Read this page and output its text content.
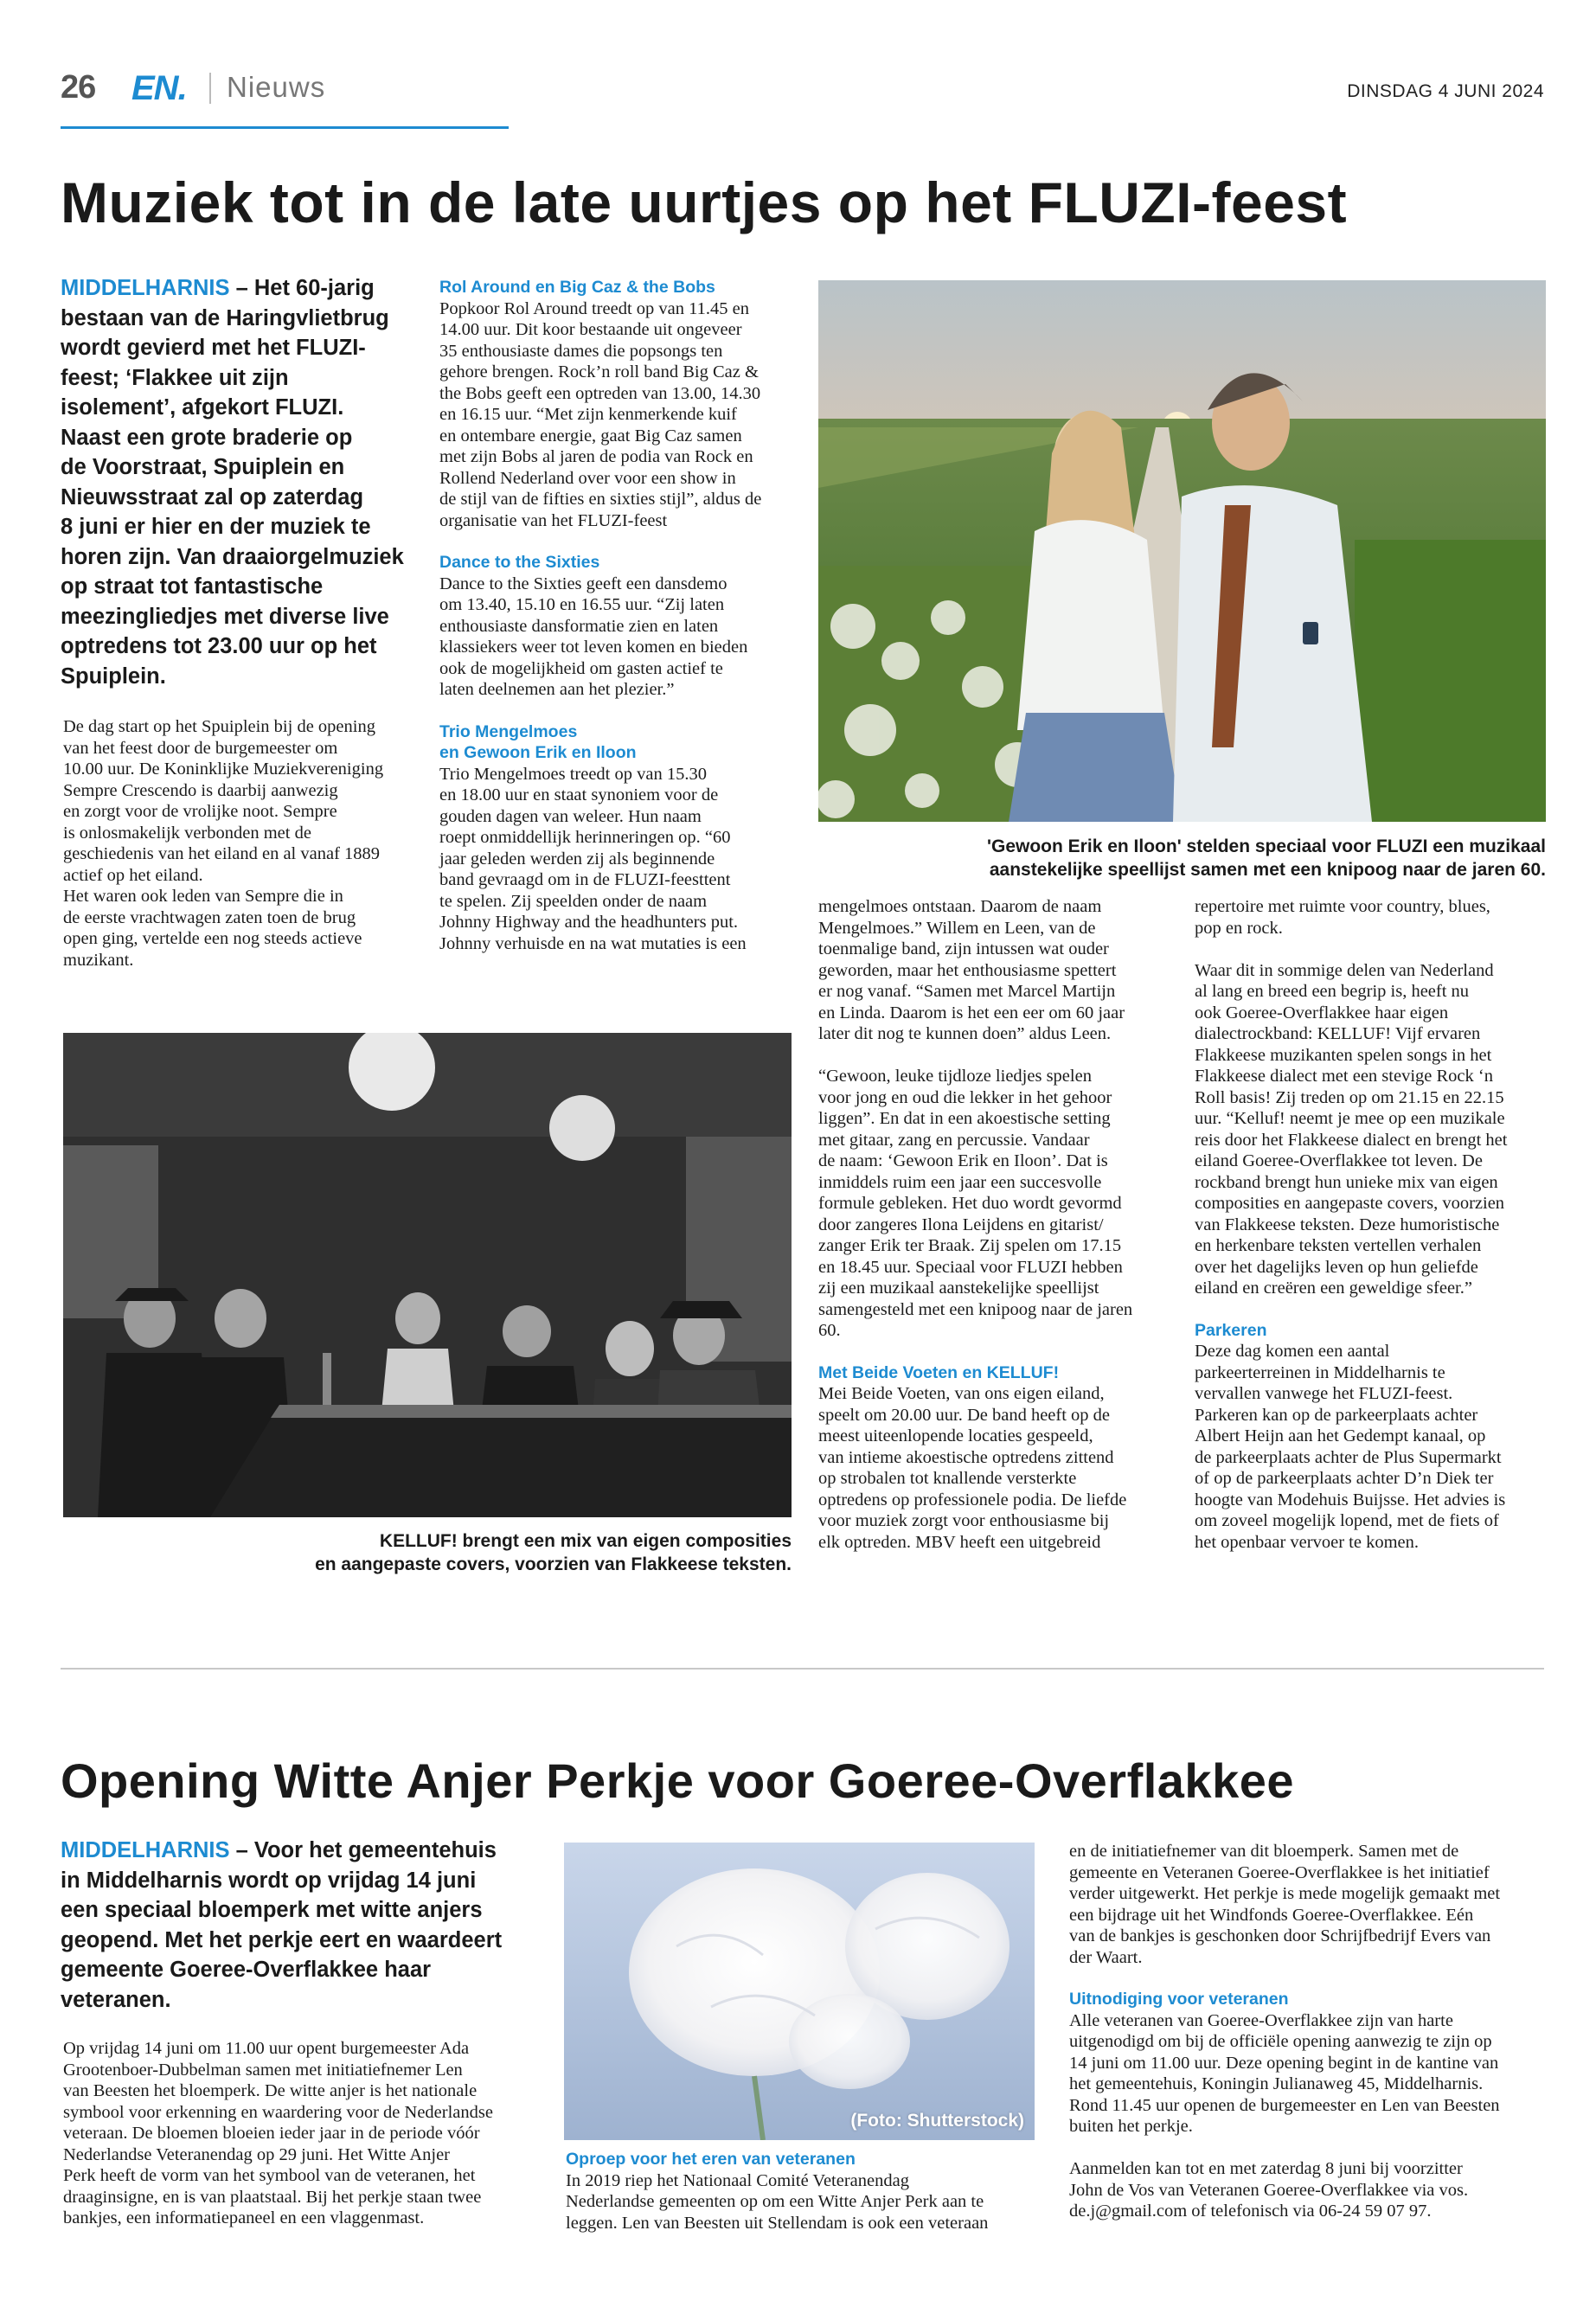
26 EN. Nieuws	DINSDAG 4 JUNI 2024
Muziek tot in de late uurtjes op het FLUZI-feest
MIDDELHARNIS – Het 60-jarig
bestaan van de Haringvlietbrug
wordt gevierd met het FLUZI-
feest; ‘Flakkee uit zijn
isolement’, afgekort FLUZI.
Naast een grote braderie op
de Voorstraat, Spuiplein en
Nieuwsstraat zal op zaterdag
8 juni er hier en der muziek te
horen zijn. Van draaiorgelmuziek
op straat tot fantastische
meezingliedjes met diverse live
optredens tot 23.00 uur op het
Spuiplein.
De dag start op het Spuiplein bij de opening
van het feest door de burgemeester om
10.00 uur. De Koninklijke Muziekvereniging
Sempre Crescendo is daarbij aanwezig
en zorgt voor de vrolijke noot. Sempre
is onlosmakelijk verbonden met de
geschiedenis van het eiland en al vanaf 1889
actief op het eiland.
Het waren ook leden van Sempre die in
de eerste vrachtwagen zaten toen de brug
open ging, vertelde een nog steeds actieve
muzikant.
Rol Around en Big Caz & the Bobs
Popkoor Rol Around treedt op van 11.45 en
14.00 uur. Dit koor bestaande uit ongeveer
35 enthousiaste dames die popsongs ten
gehore brengen. Rock’n roll band Big Caz &
the Bobs geeft een optreden van 13.00, 14.30
en 16.15 uur. “Met zijn kenmerkende kuif
en ontembare energie, gaat Big Caz samen
met zijn Bobs al jaren de podia van Rock en
Rollend Nederland over voor een show in
de stijl van de fifties en sixties stijl”, aldus de
organisatie van het FLUZI-feest
Dance to the Sixties
Dance to the Sixties geeft een dansdemo
om 13.40, 15.10 en 16.55 uur. “Zij laten
enthousiaste dansformatie zien en laten
klassiekers weer tot leven komen en bieden
ook de mogelijkheid om gasten actief te
laten deelnemen aan het plezier.”
Trio Mengelmoes
en Gewoon Erik en Iloon
Trio Mengelmoes treedt op van 15.30
en 18.00 uur en staat synoniem voor de
gouden dagen van weleer. Hun naam
roept onmiddellijk herinneringen op. “60
jaar geleden werden zij als beginnende
band gevraagd om in de FLUZI-feesttent
te spelen. Zij speelden onder de naam
Johnny Highway and the headhunters put.
Johnny verhuisde en na wat mutaties is een
'Gewoon Erik en Iloon' stelden speciaal voor FLUZI een muzikaal
aanstekelijke speellijst samen met een knipoog naar de jaren 60.
mengelmoes ontstaan. Daarom de naam
Mengelmoes.” Willem en Leen, van de
toenmalige band, zijn intussen wat ouder
geworden, maar het enthousiasme spettert
er nog vanaf. “Samen met Marcel Martijn
en Linda. Daarom is het een eer om 60 jaar
later dit nog te kunnen doen” aldus Leen.

“Gewoon, leuke tijdloze liedjes spelen
voor jong en oud die lekker in het gehoor
liggen”. En dat in een akoestische setting
met gitaar, zang en percussie. Vandaar
de naam: ‘Gewoon Erik en Iloon’. Dat is
inmiddels ruim een jaar een succesvolle
formule gebleken. Het duo wordt gevormd
door zangeres Ilona Leijdens en gitarist/
zanger Erik ter Braak. Zij spelen om 17.15
en 18.45 uur. Speciaal voor FLUZI hebben
zij een muzikaal aanstekelijke speellijst
samengesteld met een knipoog naar de jaren
60.
Met Beide Voeten en KELLUF!
Mei Beide Voeten, van ons eigen eiland,
speelt om 20.00 uur. De band heeft op de
meest uiteenlopende locaties gespeeld,
van intieme akoestische optredens zittend
op strobalen tot knallende versterkte
optredens op professionele podia. De liefde
voor muziek zorgt voor enthousiasme bij
elk optreden. MBV heeft een uitgebreid
repertoire met ruimte voor country, blues,
pop en rock.

Waar dit in sommige delen van Nederland
al lang en breed een begrip is, heeft nu
ook Goeree-Overflakkee haar eigen
dialectrockband: KELLUF! Vijf ervaren
Flakkeese muzikanten spelen songs in het
Flakkeese dialect met een stevige Rock ‘n
Roll basis! Zij treden op om 21.15 en 22.15
uur. “Kelluf! neemt je mee op een muzikale
reis door het Flakkeese dialect en brengt het
eiland Goeree-Overflakkee tot leven. De
rockband brengt hun unieke mix van eigen
composities en aangepaste covers, voorzien
van Flakkeese teksten. Deze humoristische
en herkenbare teksten vertellen verhalen
over het dagelijks leven op hun geliefde
eiland en creëren een geweldige sfeer.”
Parkeren
Deze dag komen een aantal
parkeerterreinen in Middelharnis te
vervallen vanwege het FLUZI-feest.
Parkeren kan op de parkeerplaats achter
Albert Heijn aan het Gedempt kanaal, op
de parkeerplaats achter de Plus Supermarkt
of op de parkeerplaats achter D’n Diek ter
hoogte van Modehuis Buijsse. Het advies is
om zoveel mogelijk lopend, met de fiets of
het openbaar vervoer te komen.
KELLUF! brengt een mix van eigen composities
en aangepaste covers, voorzien van Flakkeese teksten.
Opening Witte Anjer Perkje voor Goeree-Overflakkee
MIDDELHARNIS – Voor het gemeentehuis
in Middelharnis wordt op vrijdag 14 juni
een speciaal bloemperk met witte anjers
geopend. Met het perkje eert en waardeert
gemeente Goeree-Overflakkee haar
veteranen.
Op vrijdag 14 juni om 11.00 uur opent burgemeester Ada
Grootenboer-Dubbelman samen met initiatiefnemer Len
van Beesten het bloemperk. De witte anjer is het nationale
symbool voor erkenning en waardering voor de Nederlandse
veteraan. De bloemen bloeien ieder jaar in de periode vóór
Nederlandse Veteranendag op 29 juni. Het Witte Anjer
Perk heeft de vorm van het symbool van de veteranen, het
draaginsigne, en is van plaatstaal. Bij het perkje staan twee
bankjes, een informatiepaneel en een vlaggenmast.
(Foto: Shutterstock)
Oproep voor het eren van veteranen
In 2019 riep het Nationaal Comité Veteranendag
Nederlandse gemeenten op om een Witte Anjer Perk aan te
leggen. Len van Beesten uit Stellendam is ook een veteraan
en de initiatiefnemer van dit bloemperk. Samen met de
gemeente en Veteranen Goeree-Overflakkee is het initiatief
verder uitgewerkt. Het perkje is mede mogelijk gemaakt met
een bijdrage uit het Windfonds Goeree-Overflakkee. Eén
van de bankjes is geschonken door Schrijfbedrijf Evers van
der Waart.
Uitnodiging voor veteranen
Alle veteranen van Goeree-Overflakkee zijn van harte
uitgenodigd om bij de officiële opening aanwezig te zijn op
14 juni om 11.00 uur. Deze opening begint in de kantine van
het gemeentehuis, Koningin Julianaweg 45, Middelharnis.
Rond 11.45 uur openen de burgemeester en Len van Beesten
buiten het perkje.

Aanmelden kan tot en met zaterdag 8 juni bij voorzitter
John de Vos van Veteranen Goeree-Overflakkee via vos.
de.j@gmail.com of telefonisch via 06-24 59 07 97.
